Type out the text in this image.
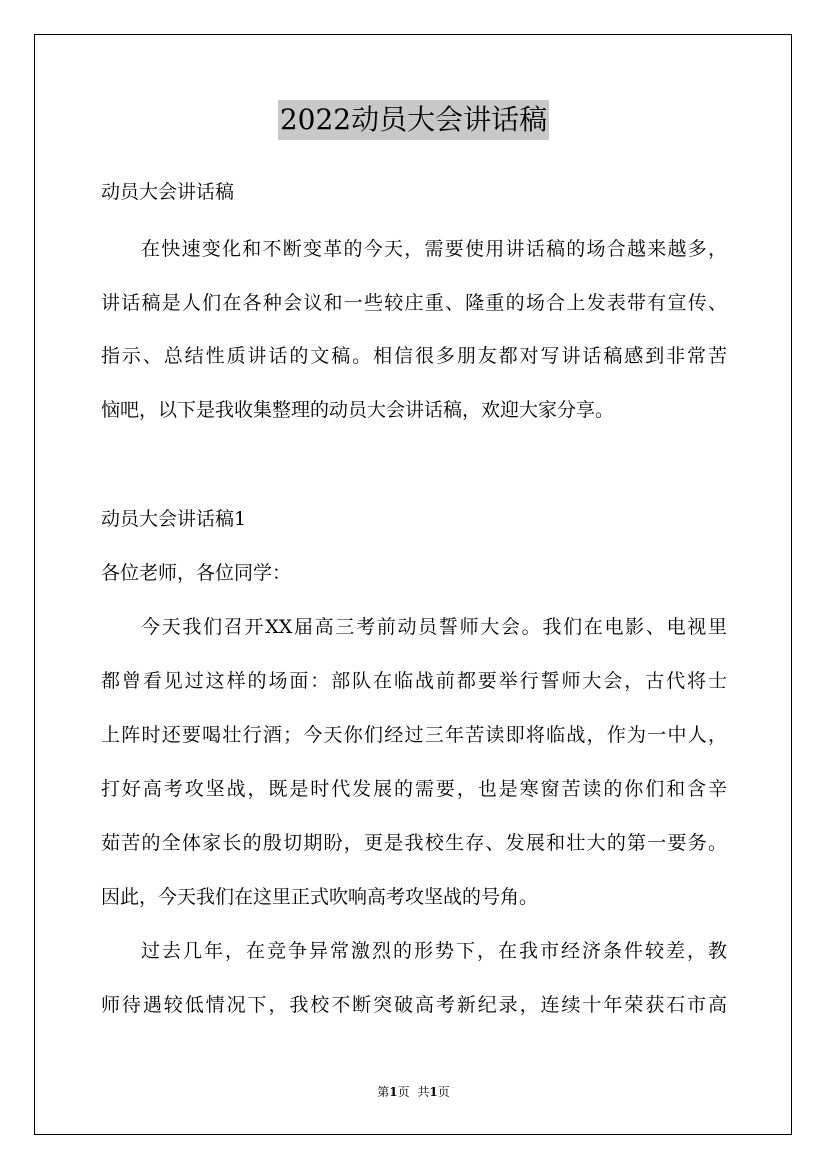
2022动员大会讲话稿
动员大会讲话稿
在快速变化和不断变革的今天，需要使用讲话稿的场合越来越多，
讲话稿是人们在各种会议和一些较庄重、隆重的场合上发表带有宣传、
指示、总结性质讲话的文稿。相信很多朋友都对写讲话稿感到非常苦
恼吧，以下是我收集整理的动员大会讲话稿，欢迎大家分享。
动员大会讲话稿1
各位老师，各位同学：
今天我们召开XX届高三考前动员誓师大会。我们在电影、电视里
都曾看见过这样的场面：部队在临战前都要举行誓师大会，古代将士
上阵时还要喝壮行酒；今天你们经过三年苦读即将临战，作为一中人，
打好高考攻坚战，既是时代发展的需要，也是寒窗苦读的你们和含辛
茹苦的全体家长的殷切期盼，更是我校生存、发展和壮大的第一要务。
因此，今天我们在这里正式吹响高考攻坚战的号角。
过去几年，在竞争异常激烈的形势下，在我市经济条件较差，教
师待遇较低情况下，我校不断突破高考新纪录，连续十年荣获石市高
第1页 共1页
